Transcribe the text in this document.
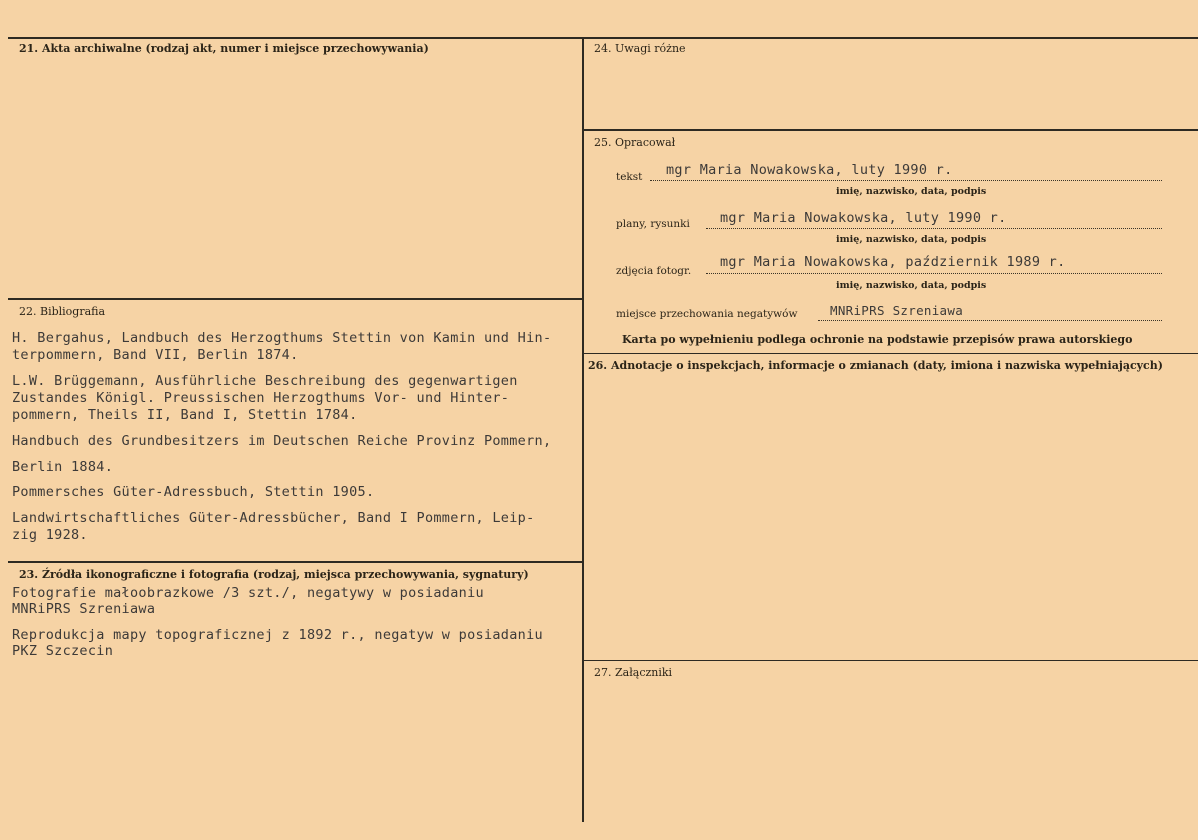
21. Akta archiwalne (rodzaj akt, numer i miejsce przechowywania)
22. Bibliografia
H. Bergahus, Landbuch des Herzogthums Stettin von Kamin und Hin-
terpommern, Band VII, Berlin 1874.
L.W. Brüggemann, Ausführliche Beschreibung des gegenwartigen
Zustandes Königl. Preussischen Herzogthums Vor- und Hinter-
pommern, Theils II, Band I, Stettin 1784.
Handbuch des Grundbesitzers im Deutschen Reiche Provinz Pommern,
Berlin 1884.
Pommersches Güter-Adressbuch, Stettin 1905.
Landwirtschaftliches Güter-Adressbücher, Band I Pommern, Leip-
zig 1928.
23. Źródła ikonograficzne i fotografia (rodzaj, miejsca przechowywania, sygnatury)
Fotografie małoobrazkowe /3 szt./, negatywy w posiadaniu
MNRiPRS Szreniawa
Reprodukcja mapy topograficznej z 1892 r., negatyw w posiadaniu
PKZ Szczecin
24. Uwagi różne
25. Opracował
tekst mgr Maria Nowakowska, luty 1990 r.
imię, nazwisko, data, podpis
plany, rysunki mgr Maria Nowakowska, luty 1990 r.
imię, nazwisko, data, podpis
zdjęcia fotogr.
mgr Maria Nowakowska, październik 1989 r.
imię, nazwisko, data, podpis
miejsce przechowania negatywów	MNRiPRS Szreniawa
Karta po wypełnieniu podlega ochronie na podstawie przepisów prawa autorskiego
26. Adnotacje o inspekcjach, informacje o zmianach (daty, imiona i nazwiska wypełniających)
27. Załączniki
